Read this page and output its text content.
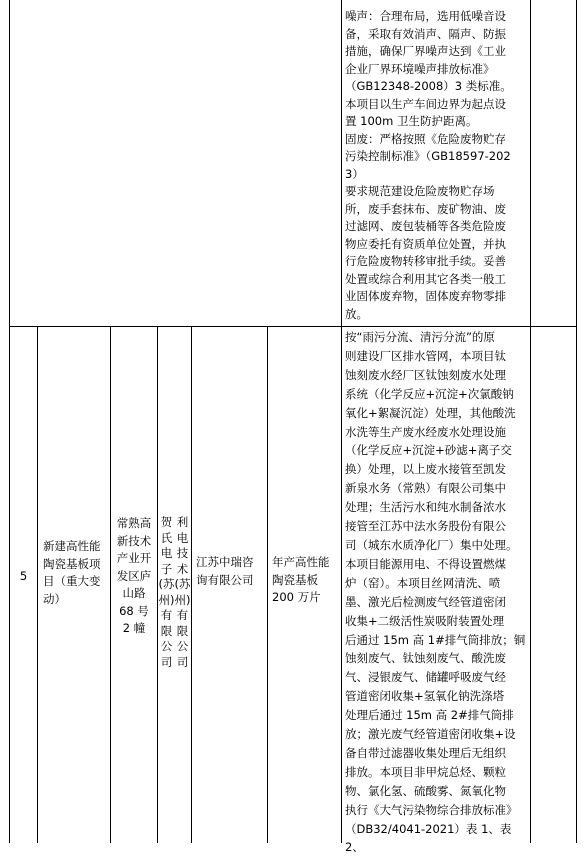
噪声：合理布局，选用低噪音设
备，采取有效消声、隔声、防振
措施，确保厂界噪声达到《工业
企业厂界环境噪声排放标准》
（GB12348-2008）3 类标准。
本项目以生产车间边界为起点设
置 100m 卫生防护距离。
固废：严格按照《危险废物贮存
污染控制标准》（GB18597-2023）
要求规范建设危险废物贮存场
所，废手套抹布、废矿物油、废
过滤网、废包装桶等各类危险废
物应委托有资质单位处置，并执
行危险废物转移审批手续。妥善
处置或综合利用其它各类一般工
业固体废弃物，固体废弃物零排
放。
5
新建高性能
陶瓷基板项
目（重大变
动）
常熟高
新技术
产业开
发区庐
山路
68 号
2 幢
贺
氏
电
子
(苏
州)
有
限
公
司
利
电
技
术
(苏
州)
有
限
公
司
江苏中瑞咨
询有限公司
年产高性能
陶瓷基板
200 万片
按“雨污分流、清污分流”的原
则建设厂区排水管网，本项目钛
蚀刻废水经厂区钛蚀刻废水处理
系统（化学反应+沉淀+次氯酸钠
氧化+絮凝沉淀）处理，其他酸洗
水洗等生产废水经废水处理设施
（化学反应+沉淀+砂滤+离子交
换）处理，以上废水接管至凯发
新泉水务（常熟）有限公司集中
处理；生活污水和纯水制备浓水
接管至江苏中法水务股份有限公
司（城东水质净化厂）集中处理。
本项目能源用电、不得设置燃煤
炉（窑）。本项目丝网清洗、喷
墨、激光后检测废气经管道密闭
收集+二级活性炭吸附装置处理
后通过 15m 高 1#排气筒排放；铜
蚀刻废气、钛蚀刻废气、酸洗废
气、浸银废气、储罐呼吸废气经
管道密闭收集+氢氧化钠洗涤塔
处理后通过 15m 高 2#排气筒排
放；激光废气经管道密闭收集+设
备自带过滤器收集处理后无组织
排放。本项目非甲烷总烃、颗粒
物、氯化氢、硫酸雾、氮氧化物
执行《大气污染物综合排放标准》
（DB32/4041-2021）表 1、表 2、
